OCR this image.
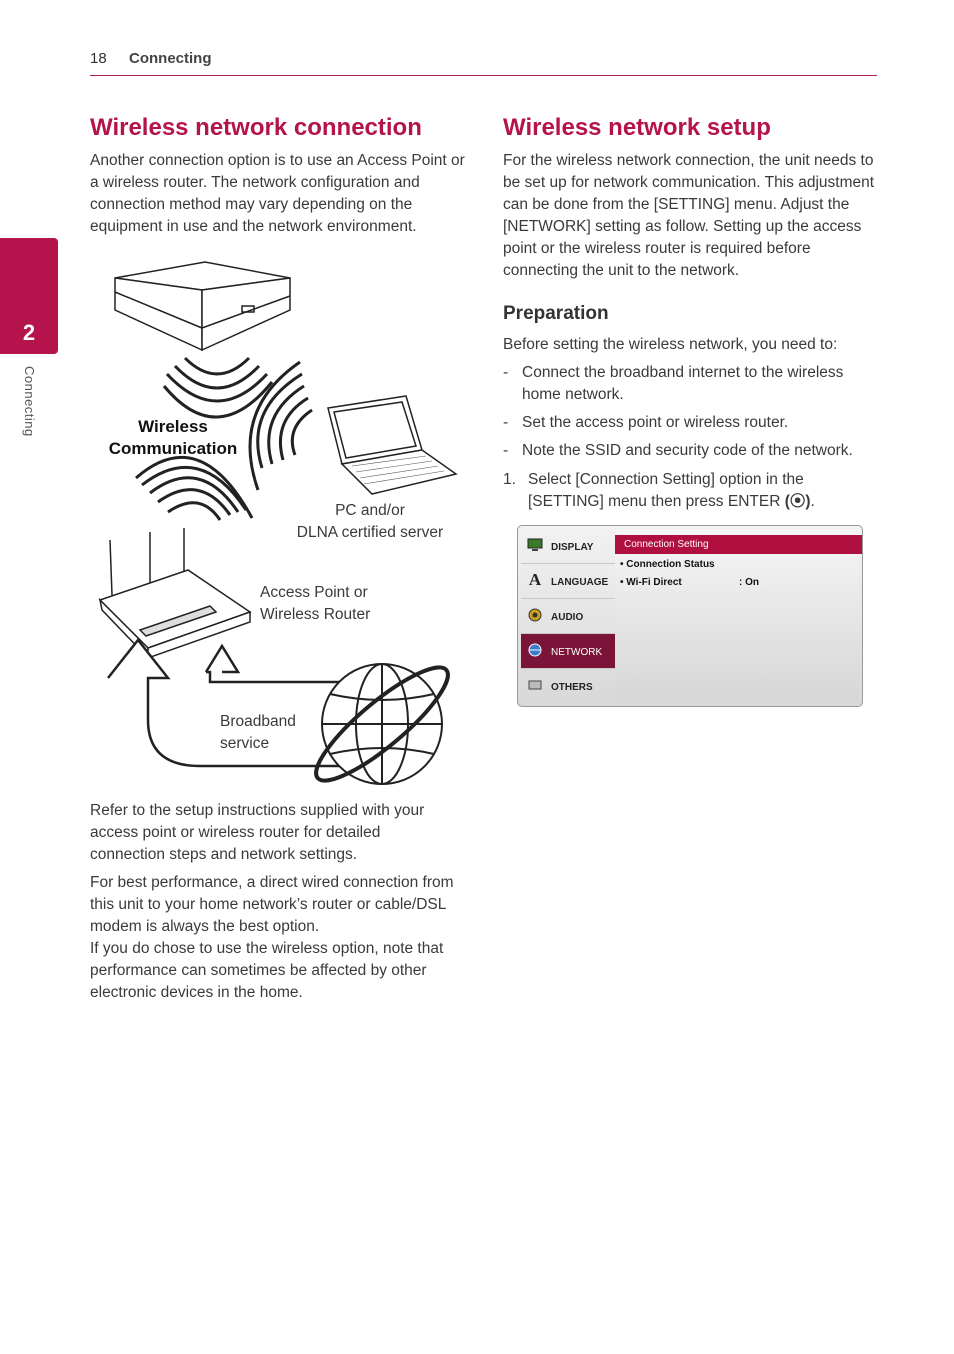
18 Connecting
2
Connecting
Wireless network connection

Another connection option is to use an Access Point or a wireless router. The network configuration and connection method may vary depending on the equipment in use and the network environment.

Wireless
Communication
PC and/or
DLNA certified server
Access Point or
Wireless Router
Broadband
service

Refer to the setup instructions supplied with your access point or wireless router for detailed connection steps and network settings.

For best performance, a direct wired connection from this unit to your home network’s router or cable/DSL modem is always the best option.

If you do chose to use the wireless option, note that performance can sometimes be affected by other electronic devices in the home.

Wireless network setup

For the wireless network connection, the unit needs to be set up for network communication. This adjustment can be done from the [SETTING] menu. Adjust the [NETWORK] setting as follow. Setting up the access point or the wireless router is required before connecting the unit to the network.

Preparation

Before setting the wireless network, you need to:

- Connect the broadband internet to the wireless home network.
- Set the access point or wireless router.
- Note the SSID and security code of the network.
1. Select [Connection Setting] option in the [SETTING] menu then press ENTER (⦿).
DISPLAY
A LANGUAGE
AUDIO
NETWORK
OTHERS
Connection Setting
• Connection Status
• Wi-Fi Direct	: On
